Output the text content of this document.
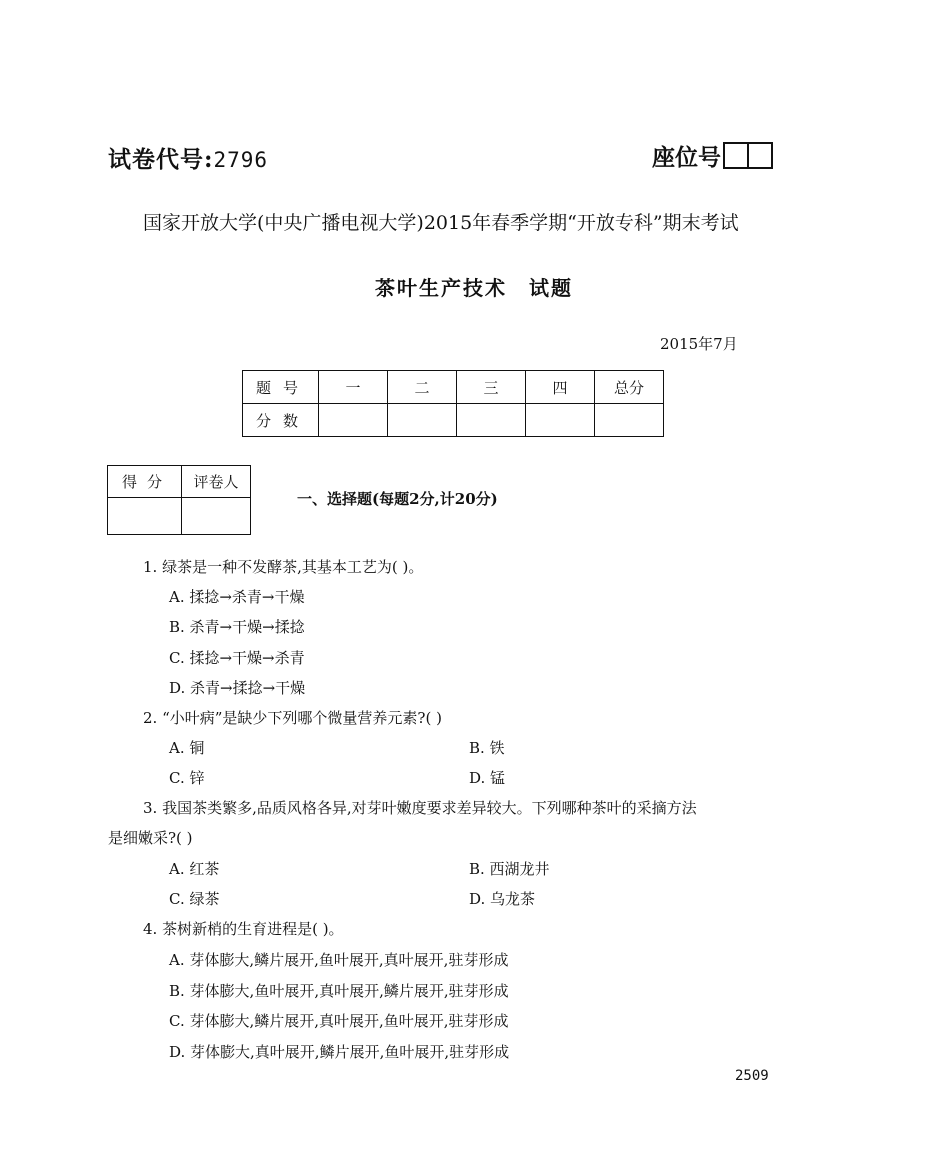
试卷代号:2796	座位号
国家开放大学(中央广播电视大学)2015年春季学期“开放专科”期末考试
茶叶生产技术 试题
2015年7月
题号	一	二	三	四	总分
分数					
得分	评卷人

一、选择题(每题2分,计20分)
1. 绿茶是一种不发酵茶,其基本工艺为( )。
A. 揉捻→杀青→干燥
B. 杀青→干燥→揉捻
C. 揉捻→干燥→杀青
D. 杀青→揉捻→干燥
2. “小叶病”是缺少下列哪个微量营养元素?( )
A. 铜	B. 铁
C. 锌	D. 锰
3. 我国茶类繁多,品质风格各异,对芽叶嫩度要求差异较大。下列哪种茶叶的采摘方法
是细嫩采?( )
A. 红茶	B. 西湖龙井
C. 绿茶	D. 乌龙茶
4. 茶树新梢的生育进程是( )。
A. 芽体膨大,鳞片展开,鱼叶展开,真叶展开,驻芽形成
B. 芽体膨大,鱼叶展开,真叶展开,鳞片展开,驻芽形成
C. 芽体膨大,鳞片展开,真叶展开,鱼叶展开,驻芽形成
D. 芽体膨大,真叶展开,鳞片展开,鱼叶展开,驻芽形成
2509
